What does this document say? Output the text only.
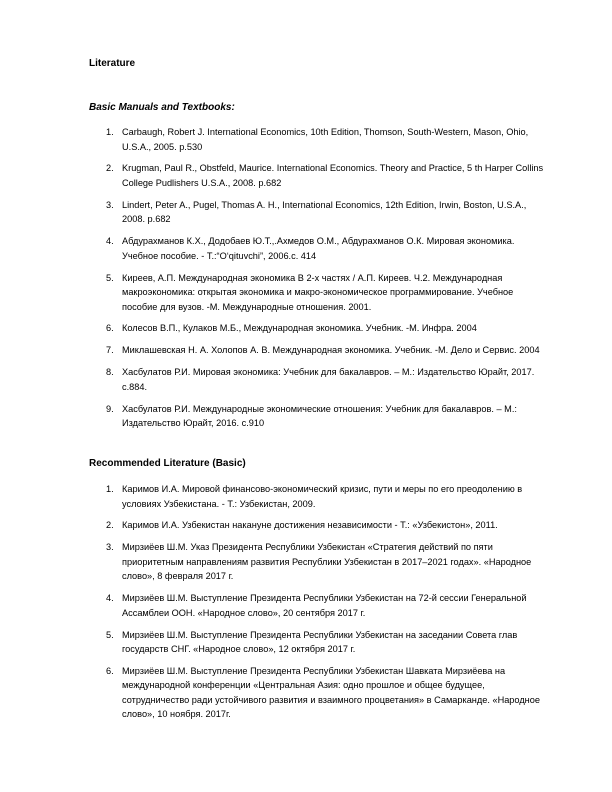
Literature

Basic Manuals and Textbooks:

1. Carbaugh, Robert J. International Economics, 10th Edition, Thomson, South-Western, Mason, Ohio, U.S.A., 2005. p.530
2. Krugman, Paul R., Obstfeld, Maurice. International Economics. Theory and Practice, 5 th Harper Collins College Pudlishers U.S.A., 2008. p.682
3. Lindert, Peter A., Pugel, Thomas A. H., International Economics, 12th Edition, Irwin, Boston, U.S.A., 2008. p.682
4. Абдурахманов К.Х., Додобаев Ю.Т.,.Ахмедов О.М., Абдурахманов О.К. Мировая экономика. Учебное пособие. - Т.:“O‘qituvchi”, 2006.с. 414
5. Киреев, А.П. Международная экономика В 2-х частях / А.П. Киреев. Ч.2. Международная макроэкономика: открытая экономика и макро-экономическое программирование. Учебное пособие для вузов. -М. Международные отношения. 2001.
6. Колесов В.П., Кулаков М.Б., Международная экономика. Учебник. -М. Инфра. 2004
7. Миклашевская Н. А. Холопов А. В. Международная экономика. Учебник. -М. Дело и Сервис. 2004
8. Хасбулатов Р.И. Мировая экономика: Учебник для бакалавров. – М.: Издательство Юрайт, 2017. с.884.
9. Хасбулатов Р.И. Международные экономические отношения: Учебник для бакалавров. – М.: Издательство Юрайт, 2016. с.910

Recommended Literature (Basic)

1. Каримов И.А. Мировой финансово-экономический кризис, пути и меры по его преодолению в условиях Узбекистана. - Т.: Узбекистан, 2009.
2. Каримов И.А. Узбекистан накануне достижения независимости - Т.: «Узбекистон», 2011.
3. Мирзиёев Ш.М. Указ Президента Республики Узбекистан «Стратегия действий по пяти приоритетным направлениям развития Республики Узбекистан в 2017–2021 годах». «Народное слово», 8 февраля 2017 г.
4. Мирзиёев Ш.М. Выступление Президента Республики Узбекистан на 72-й сессии Генеральной Ассамблеи ООН. «Народное слово», 20 сентября 2017 г.
5. Мирзиёев Ш.М. Выступление Президента Республики Узбекистан на заседании Совета глав государств СНГ. «Народное слово», 12 октября 2017 г.
6. Мирзиёев Ш.М. Выступление Президента Республики Узбекистан Шавката Мирзиёева на международной конференции «Центральная Азия: одно прошлое и общее будущее, сотрудничество ради устойчивого развития и взаимного процветания» в Самарканде. «Народное слово», 10 ноября. 2017г.
